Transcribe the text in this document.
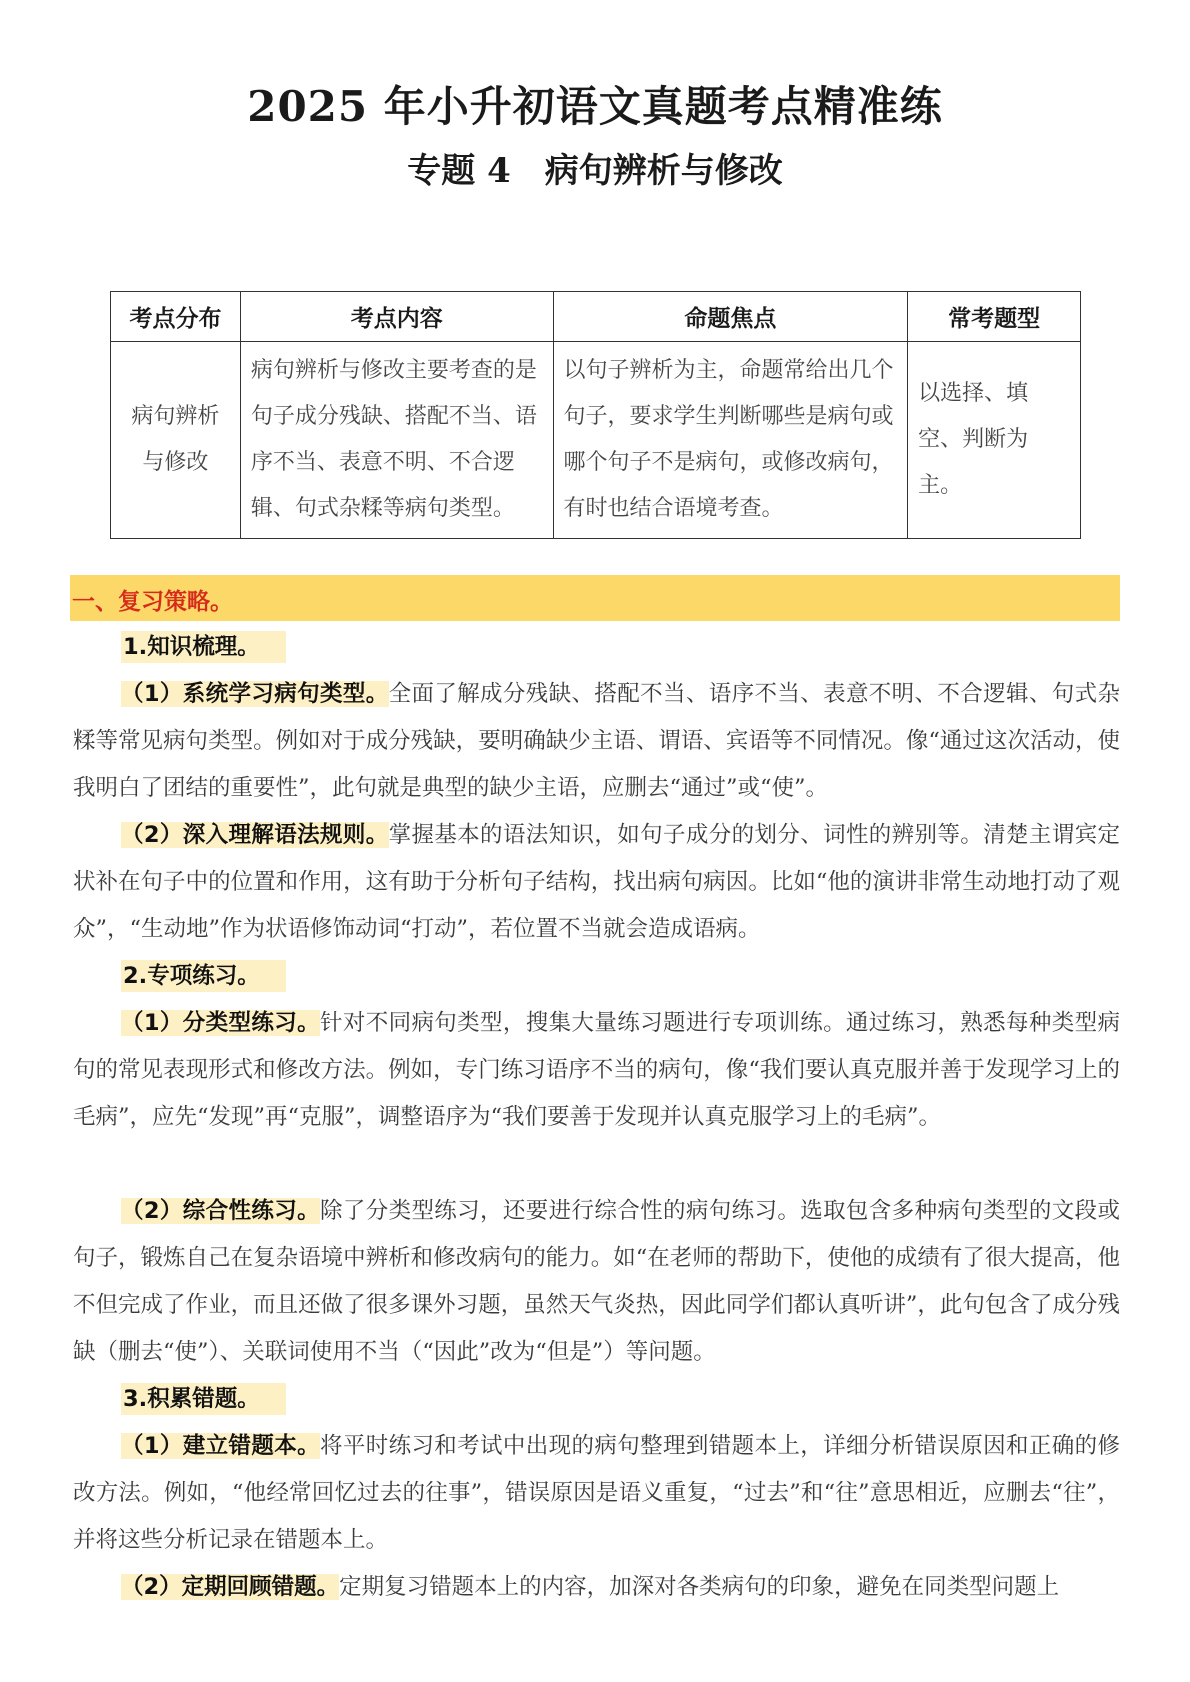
2025 年小升初语文真题考点精准练
专题 4 病句辨析与修改
考点分布	考点内容	命题焦点	常考题型
病句辨析与修改	病句辨析与修改主要考查的是句子成分残缺、搭配不当、语序不当、表意不明、不合逻辑、句式杂糅等病句类型。	以句子辨析为主，命题常给出几个句子，要求学生判断哪些是病句或哪个句子不是病句，或修改病句，有时也结合语境考查。	以选择、填空、判断为主。
一、复习策略。

1.知识梳理。

（1）系统学习病句类型。全面了解成分残缺、搭配不当、语序不当、表意不明、不合逻辑、句式杂糅等常见病句类型。例如对于成分残缺，要明确缺少主语、谓语、宾语等不同情况。像“通过这次活动，使我明白了团结的重要性”，此句就是典型的缺少主语，应删去“通过”或“使”。

（2）深入理解语法规则。掌握基本的语法知识，如句子成分的划分、词性的辨别等。清楚主谓宾定状补在句子中的位置和作用，这有助于分析句子结构，找出病句病因。比如“他的演讲非常生动地打动了观众”，“生动地”作为状语修饰动词“打动”，若位置不当就会造成语病。

2.专项练习。

（1）分类型练习。针对不同病句类型，搜集大量练习题进行专项训练。通过练习，熟悉每种类型病句的常见表现形式和修改方法。例如，专门练习语序不当的病句，像“我们要认真克服并善于发现学习上的毛病”，应先“发现”再“克服”，调整语序为“我们要善于发现并认真克服学习上的毛病”。

（2）综合性练习。除了分类型练习，还要进行综合性的病句练习。选取包含多种病句类型的文段或句子，锻炼自己在复杂语境中辨析和修改病句的能力。如“在老师的帮助下，使他的成绩有了很大提高，他不但完成了作业，而且还做了很多课外习题，虽然天气炎热，因此同学们都认真听讲”，此句包含了成分残缺（删去“使”）、关联词使用不当（“因此”改为“但是”）等问题。

3.积累错题。

（1）建立错题本。将平时练习和考试中出现的病句整理到错题本上，详细分析错误原因和正确的修改方法。例如，“他经常回忆过去的往事”，错误原因是语义重复，“过去”和“往”意思相近，应删去“往”，并将这些分析记录在错题本上。

（2）定期回顾错题。定期复习错题本上的内容，加深对各类病句的印象，避免在同类型问题上
